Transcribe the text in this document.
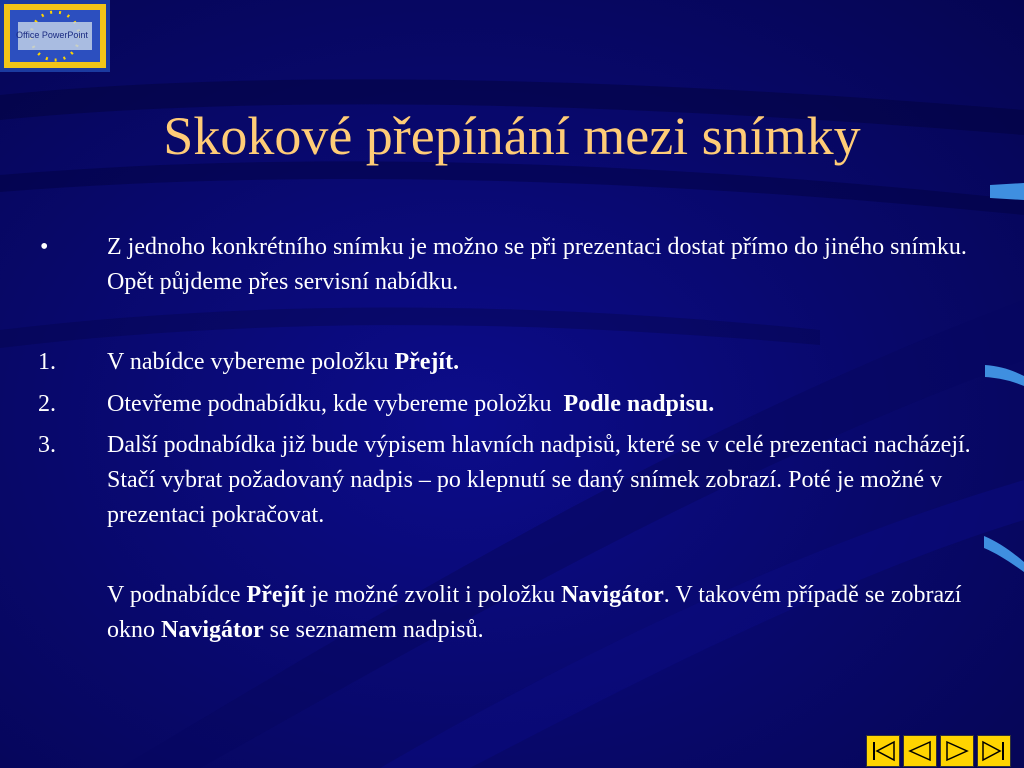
Office PowerPoint
Skokové přepínání mezi snímky
•	Z jednoho konkrétního snímku je možno se při prezentaci dostat přímo do jiného snímku. Opět půjdeme přes servisní nabídku.
1.	V nabídce vybereme položku Přejít.
2.	Otevřeme podnabídku, kde vybereme položku  Podle nadpisu.
3.	Další podnabídka již bude výpisem hlavních nadpisů, které se v celé prezentaci nacházejí. Stačí vybrat požadovaný nadpis – po klepnutí se daný snímek zobrazí. Poté je možné v prezentaci pokračovat.
V podnabídce Přejít je možné zvolit i položku Navigátor. V takovém případě se zobrazí okno Navigátor se seznamem nadpisů.
